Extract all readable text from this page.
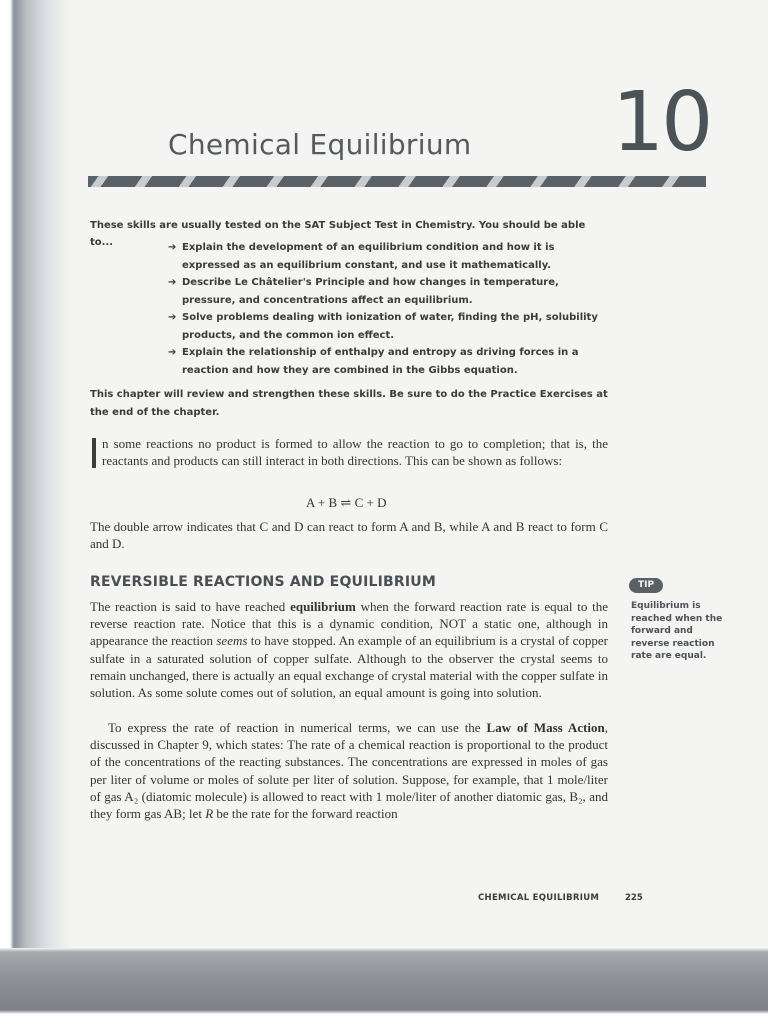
Chemical Equilibrium 10
These skills are usually tested on the SAT Subject Test in Chemistry. You should be able to...	➔ Explain the development of an equilibrium condition and how it is expressed as an equilibrium constant, and use it mathematically.
➔ Describe Le Châtelier's Principle and how changes in temperature, pressure, and concentrations affect an equilibrium.
➔ Solve problems dealing with ionization of water, finding the pH, solubility products, and the common ion effect.
➔ Explain the relationship of enthalpy and entropy as driving forces in a reaction and how they are combined in the Gibbs equation.
This chapter will review and strengthen these skills. Be sure to do the Practice Exercises at the end of the chapter.
n some reactions no product is formed to allow the reaction to go to completion; that is, the reactants and products can still interact in both directions. This can be shown as follows:
A + B ⇌ C + D
The double arrow indicates that C and D can react to form A and B, while A and B react to form C and D.
REVERSIBLE REACTIONS AND EQUILIBRIUM
The reaction is said to have reached equilibrium when the forward reaction rate is equal to the reverse reaction rate. Notice that this is a dynamic condition, NOT a static one, although in appearance the reaction seems to have stopped. An example of an equilibrium is a crystal of copper sulfate in a saturated solution of copper sulfate. Although to the observer the crystal seems to remain unchanged, there is actually an equal exchange of crystal material with the copper sulfate in solution. As some solute comes out of solution, an equal amount is going into solution.
To express the rate of reaction in numerical terms, we can use the Law of Mass Action, discussed in Chapter 9, which states: The rate of a chemical reaction is proportional to the product of the concentrations of the reacting substances. The concentrations are expressed in moles of gas per liter of volume or moles of solute per liter of solution. Suppose, for example, that 1 mole/liter of gas A₂ (diatomic molecule) is allowed to react with 1 mole/liter of another diatomic gas, B₂, and they form gas AB; let R be the rate for the forward reaction
TIP
Equilibrium is reached when the forward and reverse reaction rate are equal.
CHEMICAL EQUILIBRIUM	225
